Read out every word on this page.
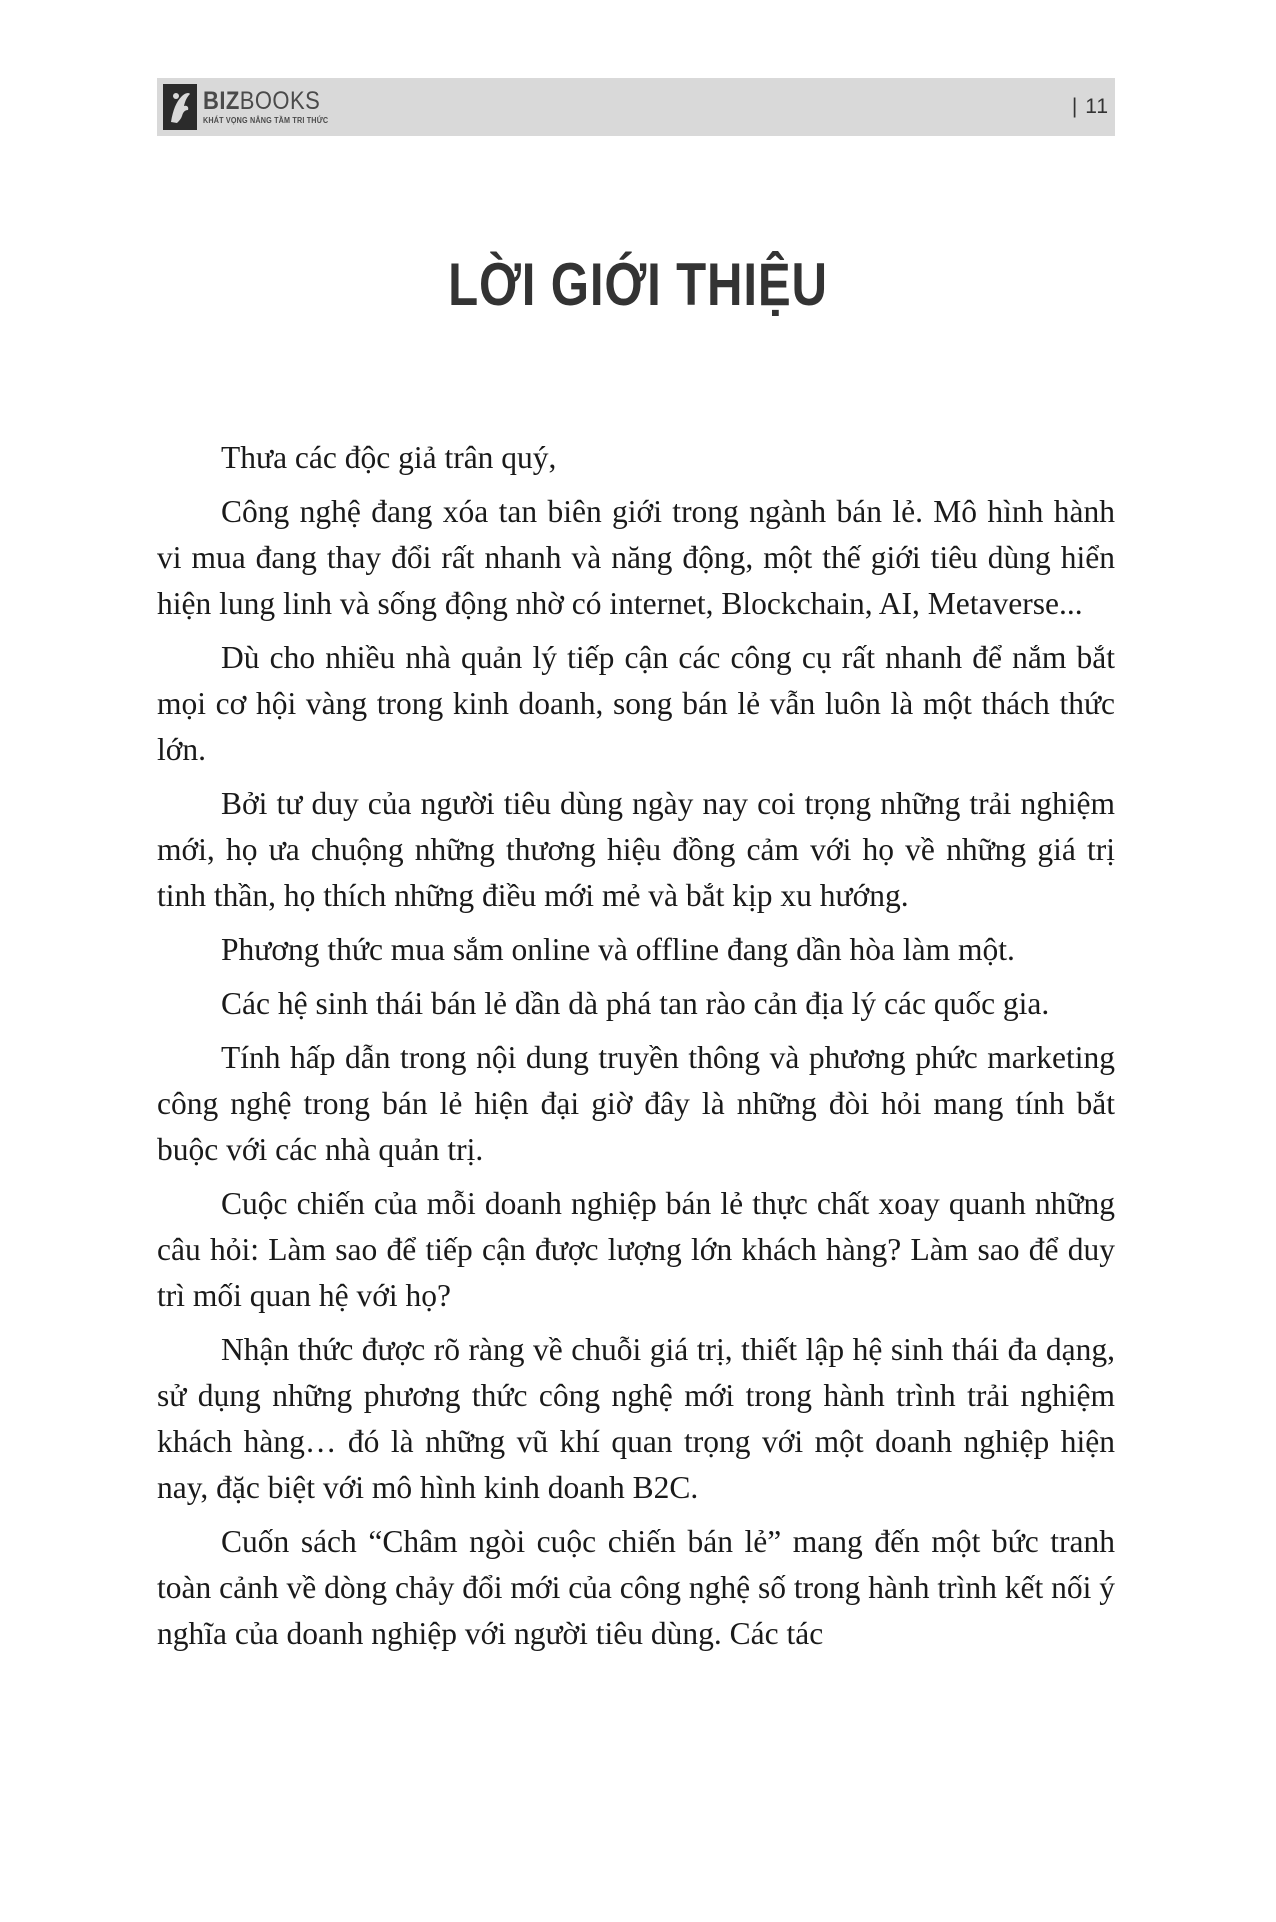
BIZBOOKS
KHÁT VỌNG NÂNG TẦM TRI THỨC
| 11
LỜI GIỚI THIỆU

Thưa các độc giả trân quý,

Công nghệ đang xóa tan biên giới trong ngành bán lẻ. Mô hình hành vi mua đang thay đổi rất nhanh và năng động, một thế giới tiêu dùng hiển hiện lung linh và sống động nhờ có internet, Blockchain, AI, Metaverse...

Dù cho nhiều nhà quản lý tiếp cận các công cụ rất nhanh để nắm bắt mọi cơ hội vàng trong kinh doanh, song bán lẻ vẫn luôn là một thách thức lớn.

Bởi tư duy của người tiêu dùng ngày nay coi trọng những trải nghiệm mới, họ ưa chuộng những thương hiệu đồng cảm với họ về những giá trị tinh thần, họ thích những điều mới mẻ và bắt kịp xu hướng.

Phương thức mua sắm online và offline đang dần hòa làm một.

Các hệ sinh thái bán lẻ dần dà phá tan rào cản địa lý các quốc gia.

Tính hấp dẫn trong nội dung truyền thông và phương phức marketing công nghệ trong bán lẻ hiện đại giờ đây là những đòi hỏi mang tính bắt buộc với các nhà quản trị.

Cuộc chiến của mỗi doanh nghiệp bán lẻ thực chất xoay quanh những câu hỏi: Làm sao để tiếp cận được lượng lớn khách hàng? Làm sao để duy trì mối quan hệ với họ?

Nhận thức được rõ ràng về chuỗi giá trị, thiết lập hệ sinh thái đa dạng, sử dụng những phương thức công nghệ mới trong hành trình trải nghiệm khách hàng… đó là những vũ khí quan trọng với một doanh nghiệp hiện nay, đặc biệt với mô hình kinh doanh B2C.

Cuốn sách “Châm ngòi cuộc chiến bán lẻ” mang đến một bức tranh toàn cảnh về dòng chảy đổi mới của công nghệ số trong hành trình kết nối ý nghĩa của doanh nghiệp với người tiêu dùng. Các tác
